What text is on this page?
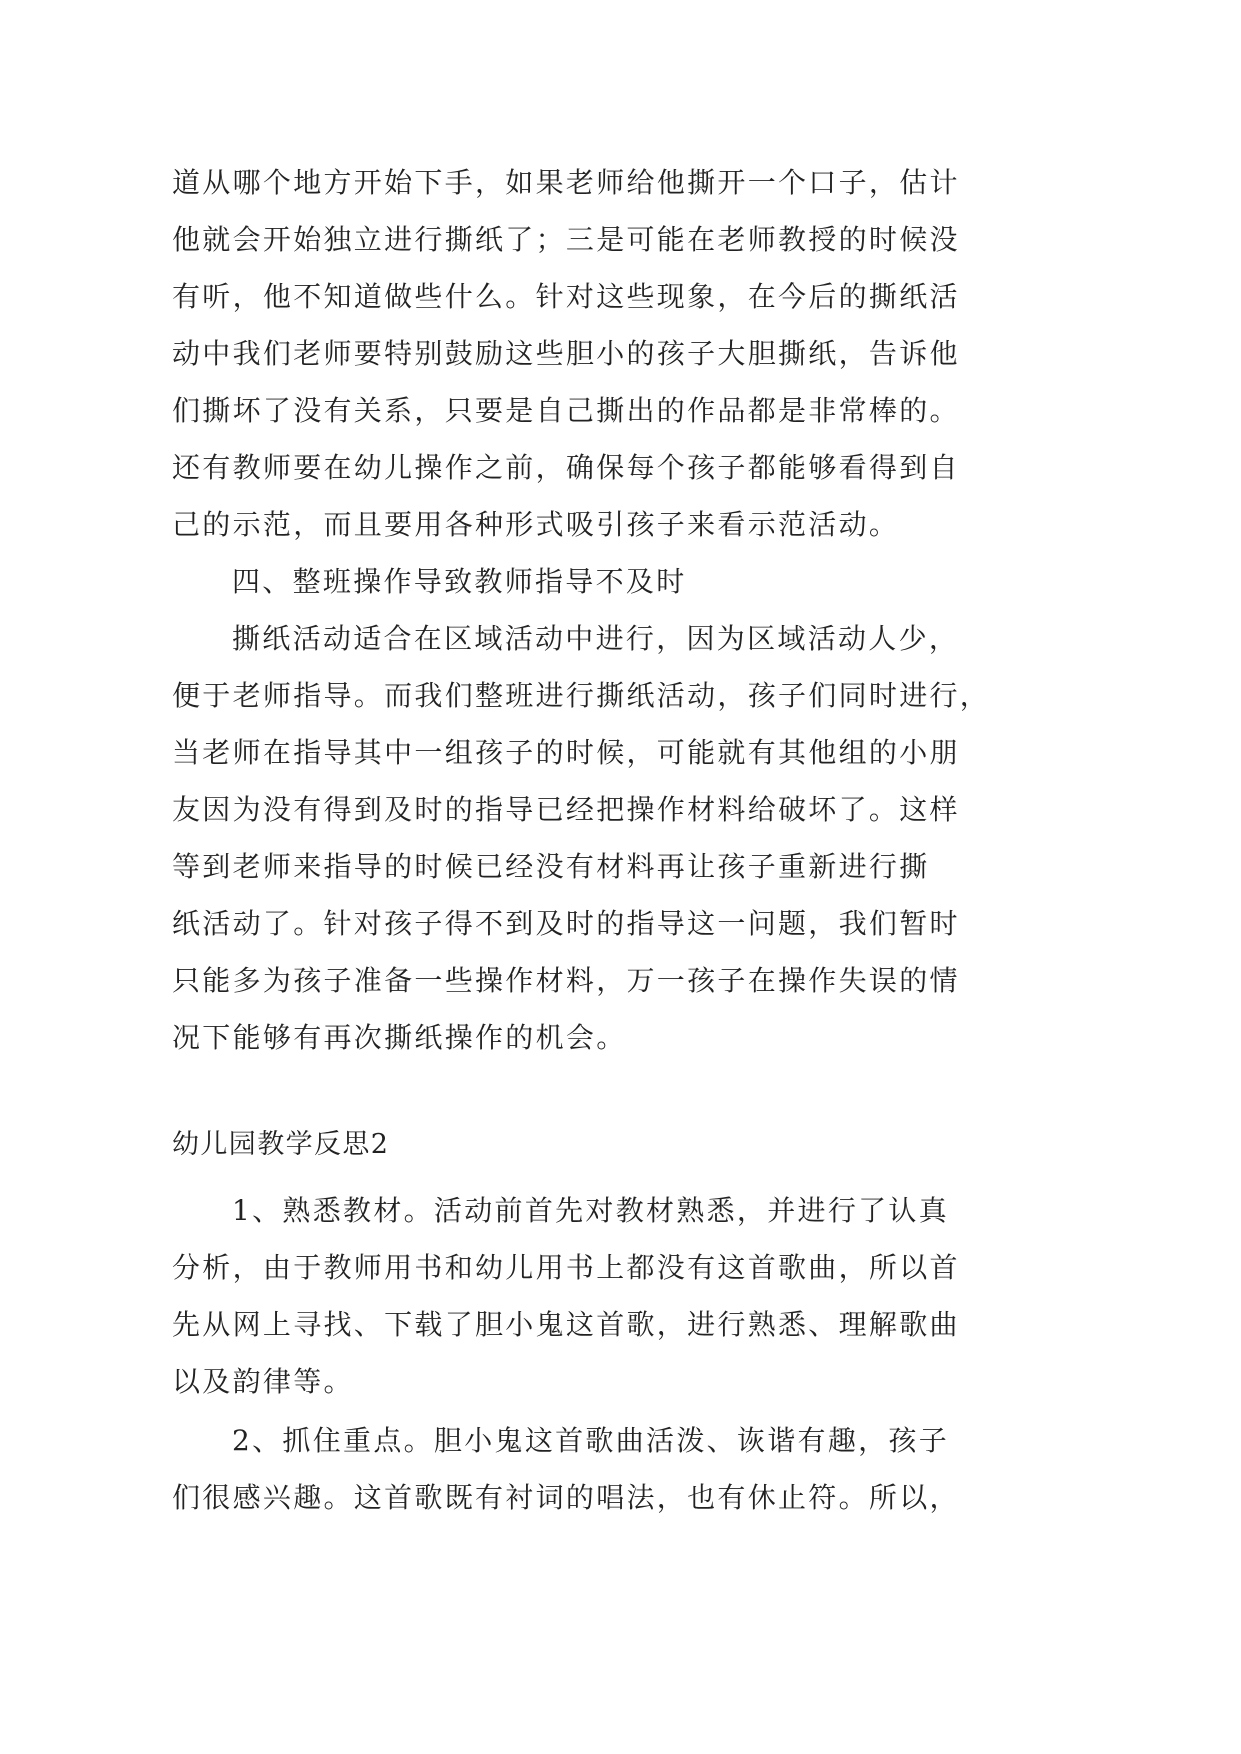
道从哪个地方开始下手，如果老师给他撕开一个口子，估计
他就会开始独立进行撕纸了；三是可能在老师教授的时候没
有听，他不知道做些什么。针对这些现象，在今后的撕纸活
动中我们老师要特别鼓励这些胆小的孩子大胆撕纸，告诉他
们撕坏了没有关系，只要是自己撕出的作品都是非常棒的。
还有教师要在幼儿操作之前，确保每个孩子都能够看得到自
己的示范，而且要用各种形式吸引孩子来看示范活动。
四、整班操作导致教师指导不及时
撕纸活动适合在区域活动中进行，因为区域活动人少，
便于老师指导。而我们整班进行撕纸活动，孩子们同时进行，
当老师在指导其中一组孩子的时候，可能就有其他组的小朋
友因为没有得到及时的指导已经把操作材料给破坏了。这样
等到老师来指导的时候已经没有材料再让孩子重新进行撕
纸活动了。针对孩子得不到及时的指导这一问题，我们暂时
只能多为孩子准备一些操作材料，万一孩子在操作失误的情
况下能够有再次撕纸操作的机会。
幼儿园教学反思2
1、熟悉教材。活动前首先对教材熟悉，并进行了认真
分析，由于教师用书和幼儿用书上都没有这首歌曲，所以首
先从网上寻找、下载了胆小鬼这首歌，进行熟悉、理解歌曲
以及韵律等。
2、抓住重点。胆小鬼这首歌曲活泼、诙谐有趣，孩子
们很感兴趣。这首歌既有衬词的唱法，也有休止符。所以，
